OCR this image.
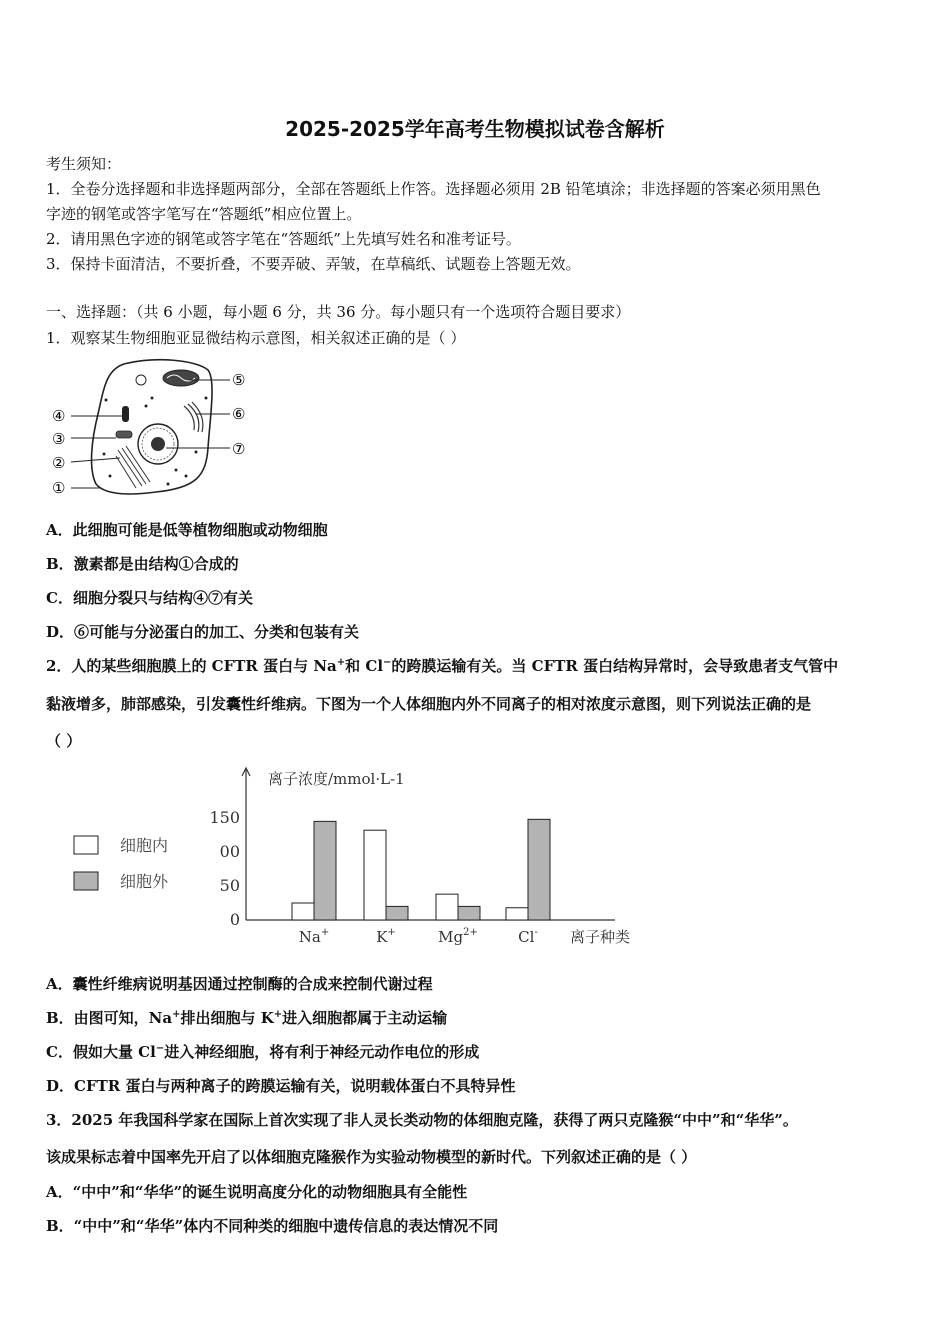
2025-2025学年高考生物模拟试卷含解析
考生须知：
1．全卷分选择题和非选择题两部分，全部在答题纸上作答。选择题必须用 2B 铅笔填涂；非选择题的答案必须用黑色
字迹的钢笔或答字笔写在“答题纸”相应位置上。
2．请用黑色字迹的钢笔或答字笔在“答题纸”上先填写姓名和准考证号。
3．保持卡面清洁，不要折叠，不要弄破、弄皱，在草稿纸、试题卷上答题无效。
一、选择题：（共 6 小题，每小题 6 分，共 36 分。每小题只有一个选项符合题目要求）
1．观察某生物细胞亚显微结构示意图，相关叙述正确的是（ ）
①
②
③
④
⑤
⑥
⑦
A．此细胞可能是低等植物细胞或动物细胞
B．激素都是由结构①合成的
C．细胞分裂只与结构④⑦有关
D．⑥可能与分泌蛋白的加工、分类和包装有关
2．人的某些细胞膜上的 CFTR 蛋白与 Na+和 Cl−的跨膜运输有关。当 CFTR 蛋白结构异常时，会导致患者支气管中
黏液增多，肺部感染，引发囊性纤维病。下图为一个人体细胞内外不同离子的相对浓度示意图，则下列说法正确的是
（ ）
离子浓度/mmol·L-1
离子种类
150
00
50
0
Na+	K+	$Mg^{2+}$	Cl-
细胞内
细胞外
A．囊性纤维病说明基因通过控制酶的合成来控制代谢过程
B．由图可知，Na+排出细胞与 K+进入细胞都属于主动运输
C．假如大量 Cl−进入神经细胞，将有利于神经元动作电位的形成
D．CFTR 蛋白与两种离子的跨膜运输有关，说明载体蛋白不具特异性
3．2025 年我国科学家在国际上首次实现了非人灵长类动物的体细胞克隆，获得了两只克隆猴“中中”和“华华”。
该成果标志着中国率先开启了以体细胞克隆猴作为实验动物模型的新时代。下列叙述正确的是（ ）
A．“中中”和“华华”的诞生说明高度分化的动物细胞具有全能性
B．“中中”和“华华”体内不同种类的细胞中遗传信息的表达情况不同
